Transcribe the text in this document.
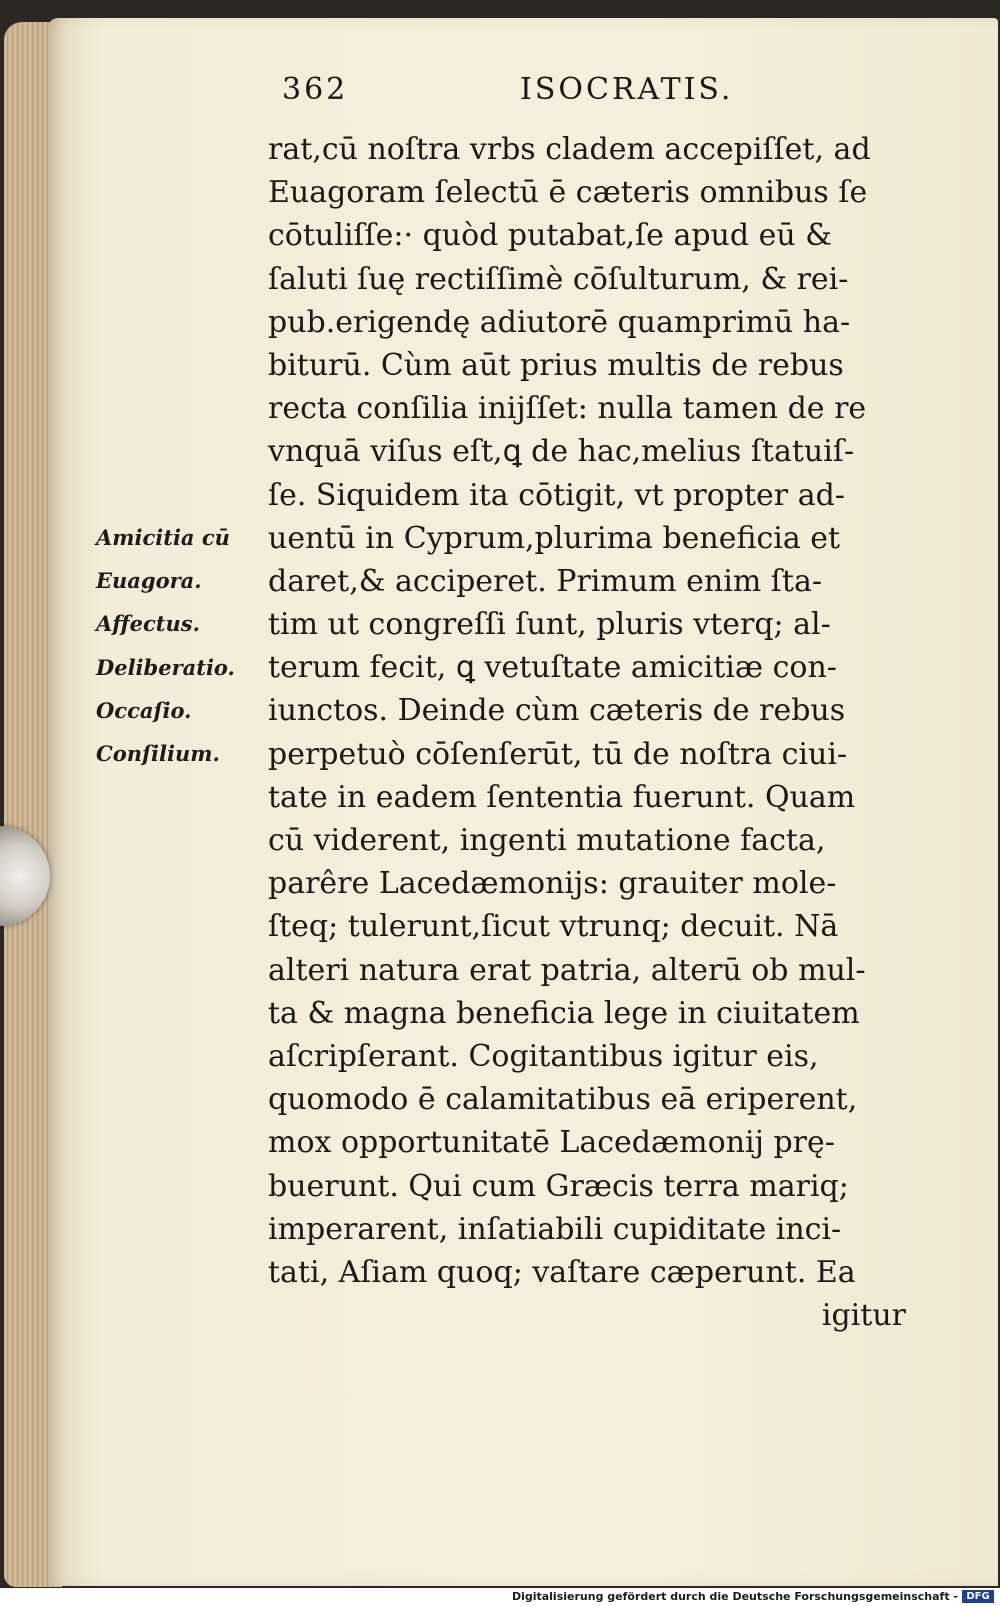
362	ISOCRATIS.
rat,cū noſtra vrbs cladem accepiſſet, ad
Euagoram ſelectū ē cæteris omnibus ſe
cōtuliſſe:· quòd putabat,ſe apud eū &
ſaluti ſuę rectiſſimè cōſulturum, & rei-
pub.erigendę adiutorē quamprimū ha-
biturū. Cùm aūt prius multis de rebus
recta conſilia inijſſet: nulla tamen de re
vnquā viſus eſt,ꝗ de hac,melius ſtatuiſ-
ſe. Siquidem ita cōtigit, vt propter ad-
uentū in Cyprum,plurima beneficia et
daret,& acciperet. Primum enim ſta-
tim ut congreſſi ſunt, pluris vterq; al-
terum fecit, ꝗ vetuſtate amicitiæ con-
iunctos. Deinde cùm cæteris de rebus
perpetuò cōſenſerūt, tū de noſtra ciui-
tate in eadem ſententia fuerunt. Quam
cū viderent, ingenti mutatione facta,
parêre Lacedæmonijs: grauiter mole-
ſteq; tulerunt,ſicut vtrunq; decuit. Nā
alteri natura erat patria, alterū ob mul-
ta & magna beneficia lege in ciuitatem
aſcripſerant. Cogitantibus igitur eis,
quomodo ē calamitatibus eā eriperent,
mox opportunitatē Lacedæmonij prę-
buerunt. Qui cum Græcis terra mariq;
imperarent, inſatiabili cupiditate inci-
tati, Aſiam quoq; vaſtare cæperunt. Ea
igitur
Amicitia cū
Euagora.
Affectus.
Deliberatio.
Occaſio.
Conſilium.
Digitalisierung gefördert durch die Deutsche Forschungsgemeinschaft - DFG
